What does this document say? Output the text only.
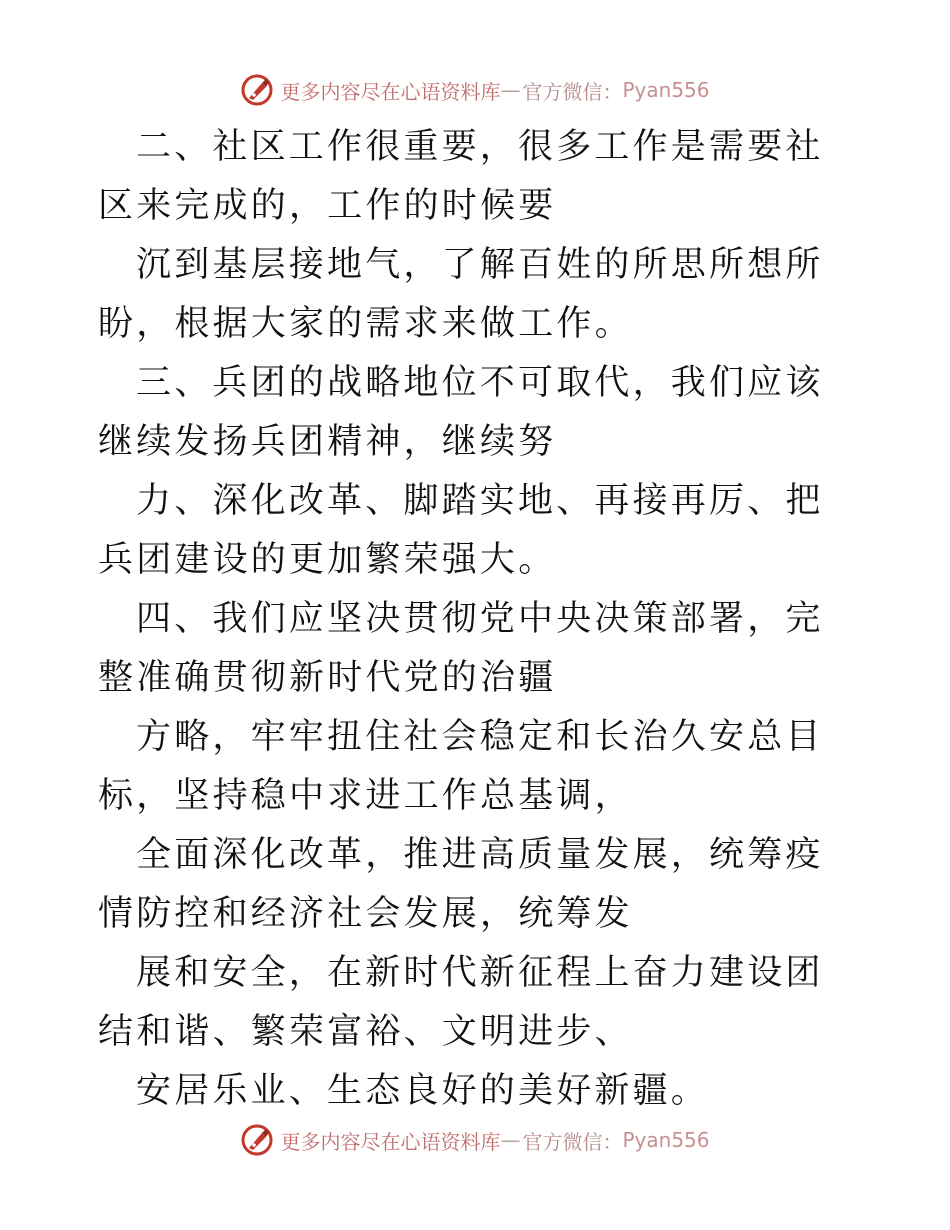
更多内容尽在心语资料库 — 官方微信： Pyan556

二、社区工作很重要，很多工作是需要社区来完成的，工作的时候要

沉到基层接地气，了解百姓的所思所想所盼，根据大家的需求来做工作。

三、兵团的战略地位不可取代，我们应该继续发扬兵团精神，继续努

力、深化改革、脚踏实地、再接再厉、把兵团建设的更加繁荣强大。

四、我们应坚决贯彻党中央决策部署，完整准确贯彻新时代党的治疆

方略，牢牢扭住社会稳定和长治久安总目标，坚持稳中求进工作总基调，

全面深化改革，推进高质量发展，统筹疫情防控和经济社会发展，统筹发

展和安全，在新时代新征程上奋力建设团结和谐、繁荣富裕、文明进步、

安居乐业、生态良好的美好新疆。

更多内容尽在心语资料库 — 官方微信： Pyan556
